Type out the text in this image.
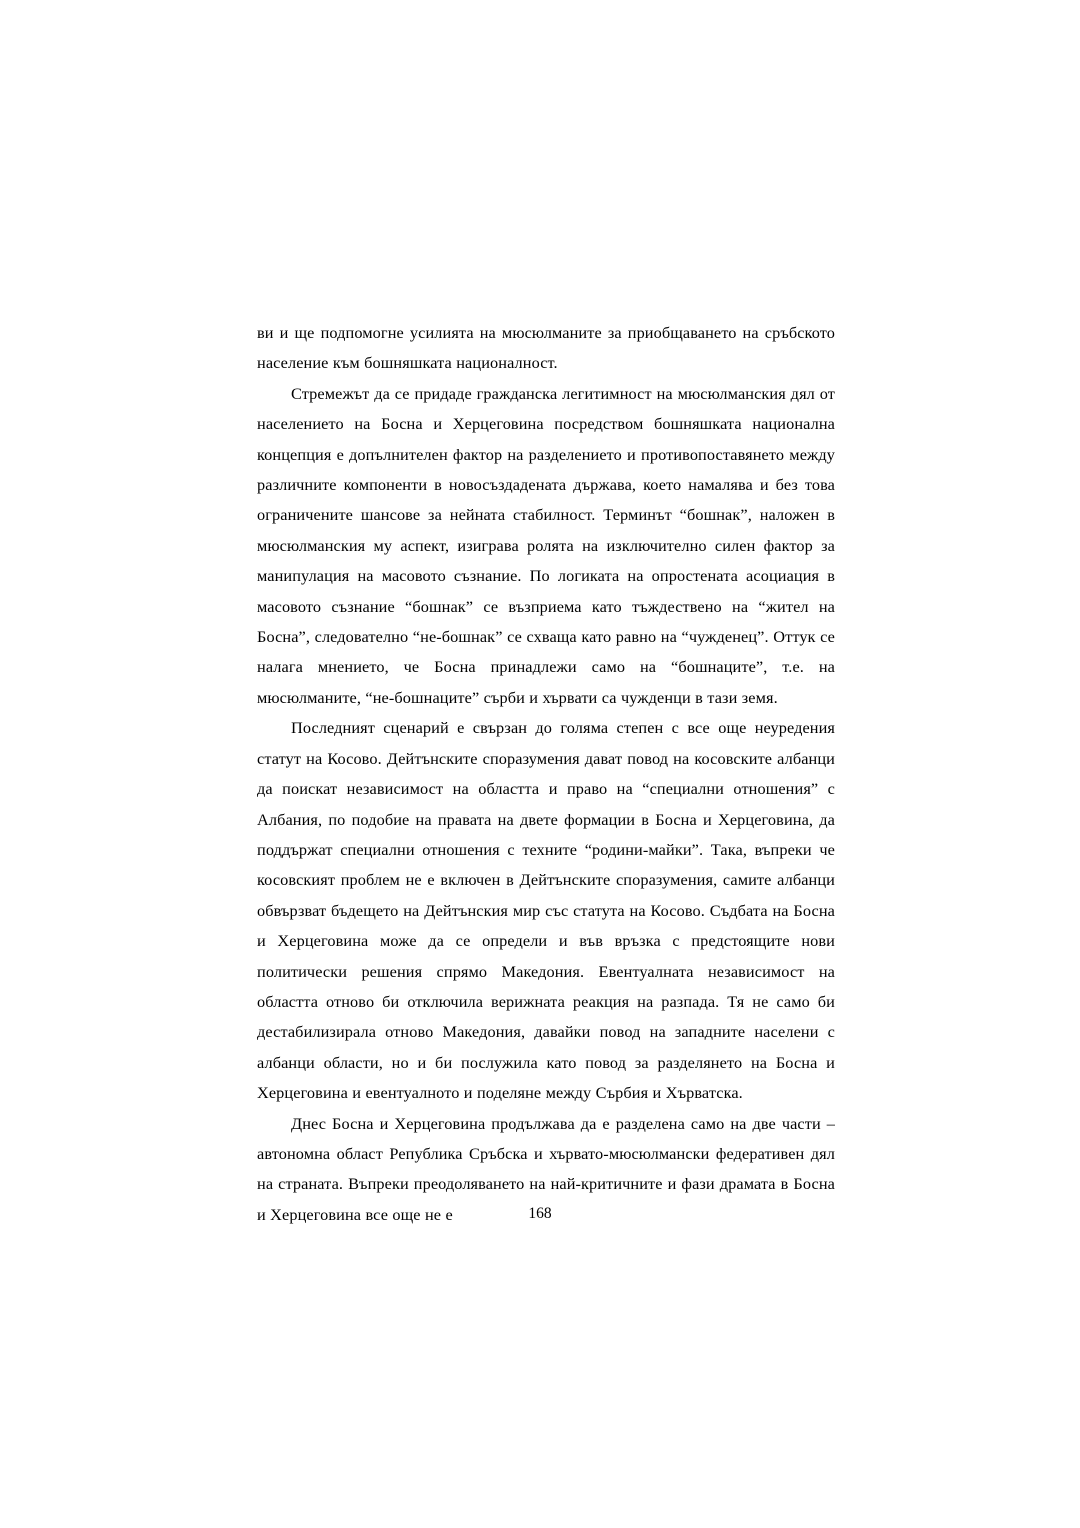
ви и ще подпомогне усилията на мюсюлманите за приобщаването на сръбското население към бошняшката националност.

Стремежът да се придаде гражданска легитимност на мюсюлманския дял от населението на Босна и Херцеговина посредством бошняшката национална концепция е допълнителен фактор на разделението и противопоставянето между различните компоненти в новосъздадената държава, което намалява и без това ограничените шансове за нейната стабилност. Терминът “бошнак”, наложен в мюсюлманския му аспект, изиграва ролята на изключително силен фактор за манипулация на масовото съзнание. По логиката на опростената асоциация в масовото съзнание “бошнак” се възприема като тъждествено на “жител на Босна”, следователно “не-бошнак” се схваща като равно на “чужденец”. Оттук се налага мнението, че Босна принадлежи само на “бошнаците”, т.е. на мюсюлманите, “не-бошнаците” сърби и хървати са чужденци в тази земя.

Последният сценарий е свързан до голяма степен с все още неуредения статут на Косово. Дейтънските споразумения дават повод на косовските албанци да поискат независимост на областта и право на “специални отношения” с Албания, по подобие на правата на двете формации в Босна и Херцеговина, да поддържат специални отношения с техните “родини-майки”. Така, въпреки че косовският проблем не е включен в Дейтънските споразумения, самите албанци обвързват бъдещето на Дейтънския мир със статута на Косово. Съдбата на Босна и Херцеговина може да се определи и във връзка с предстоящите нови политически решения спрямо Македония. Евентуалната независимост на областта отново би отключила верижната реакция на разпада. Тя не само би дестабилизирала отново Македония, давайки повод на западните населени с албанци области, но и би послужила като повод за разделянето на Босна и Херцеговина и евентуалното и поделяне между Сърбия и Хърватска.

Днес Босна и Херцеговина продължава да е разделена само на две части – автономна област Република Сръбска и хървато-мюсюлмански федеративен дял на страната. Въпреки преодоляването на най-критичните и фази драмата в Босна и Херцеговина все още не е	168
